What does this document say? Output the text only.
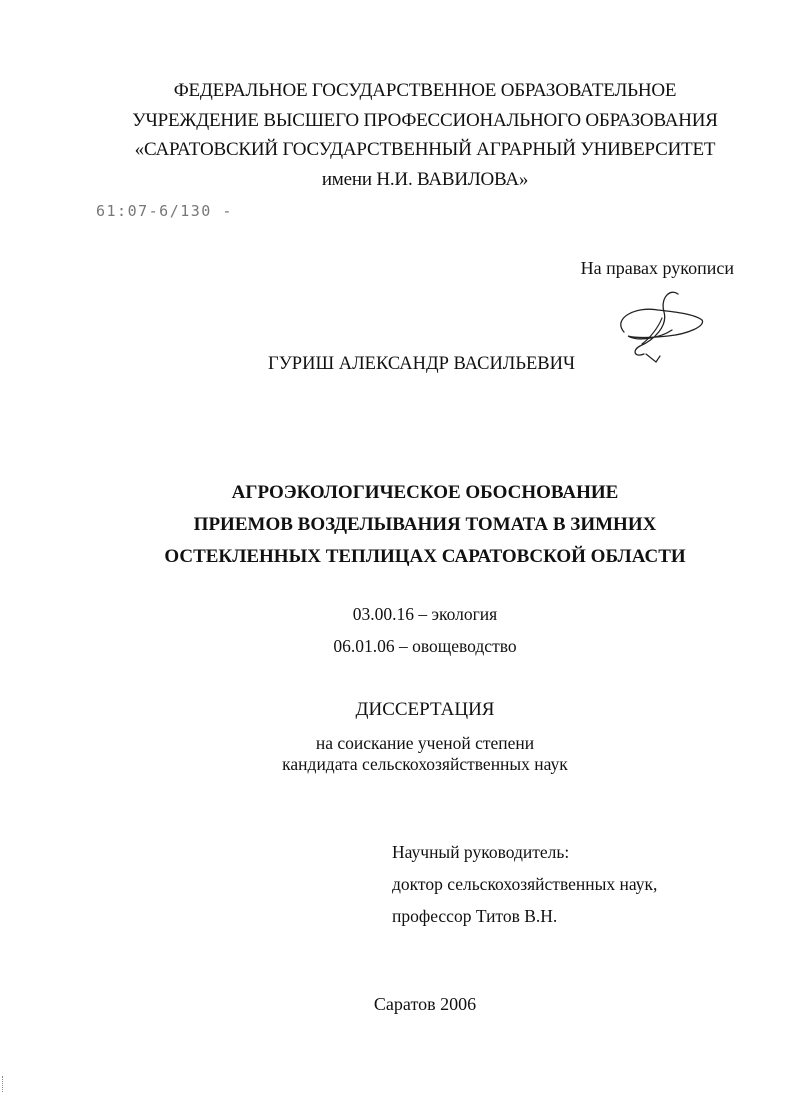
ФЕДЕРАЛЬНОЕ ГОСУДАРСТВЕННОЕ ОБРАЗОВАТЕЛЬНОЕ
УЧРЕЖДЕНИЕ ВЫСШЕГО ПРОФЕССИОНАЛЬНОГО ОБРАЗОВАНИЯ
«САРАТОВСКИЙ ГОСУДАРСТВЕННЫЙ АГРАРНЫЙ УНИВЕРСИТЕТ
имени Н.И. ВАВИЛОВА»
61:07-6/130 -
На правах рукописи
ГУРИШ АЛЕКСАНДР ВАСИЛЬЕВИЧ
АГРОЭКОЛОГИЧЕСКОЕ ОБОСНОВАНИЕ
ПРИЕМОВ ВОЗДЕЛЫВАНИЯ ТОМАТА В ЗИМНИХ
ОСТЕКЛЕННЫХ ТЕПЛИЦАХ САРАТОВСКОЙ ОБЛАСТИ
03.00.16 – экология
06.01.06 – овощеводство
ДИССЕРТАЦИЯ
на соискание ученой степени
кандидата сельскохозяйственных наук
Научный руководитель:
доктор сельскохозяйственных наук,
профессор Титов В.Н.
Саратов 2006
